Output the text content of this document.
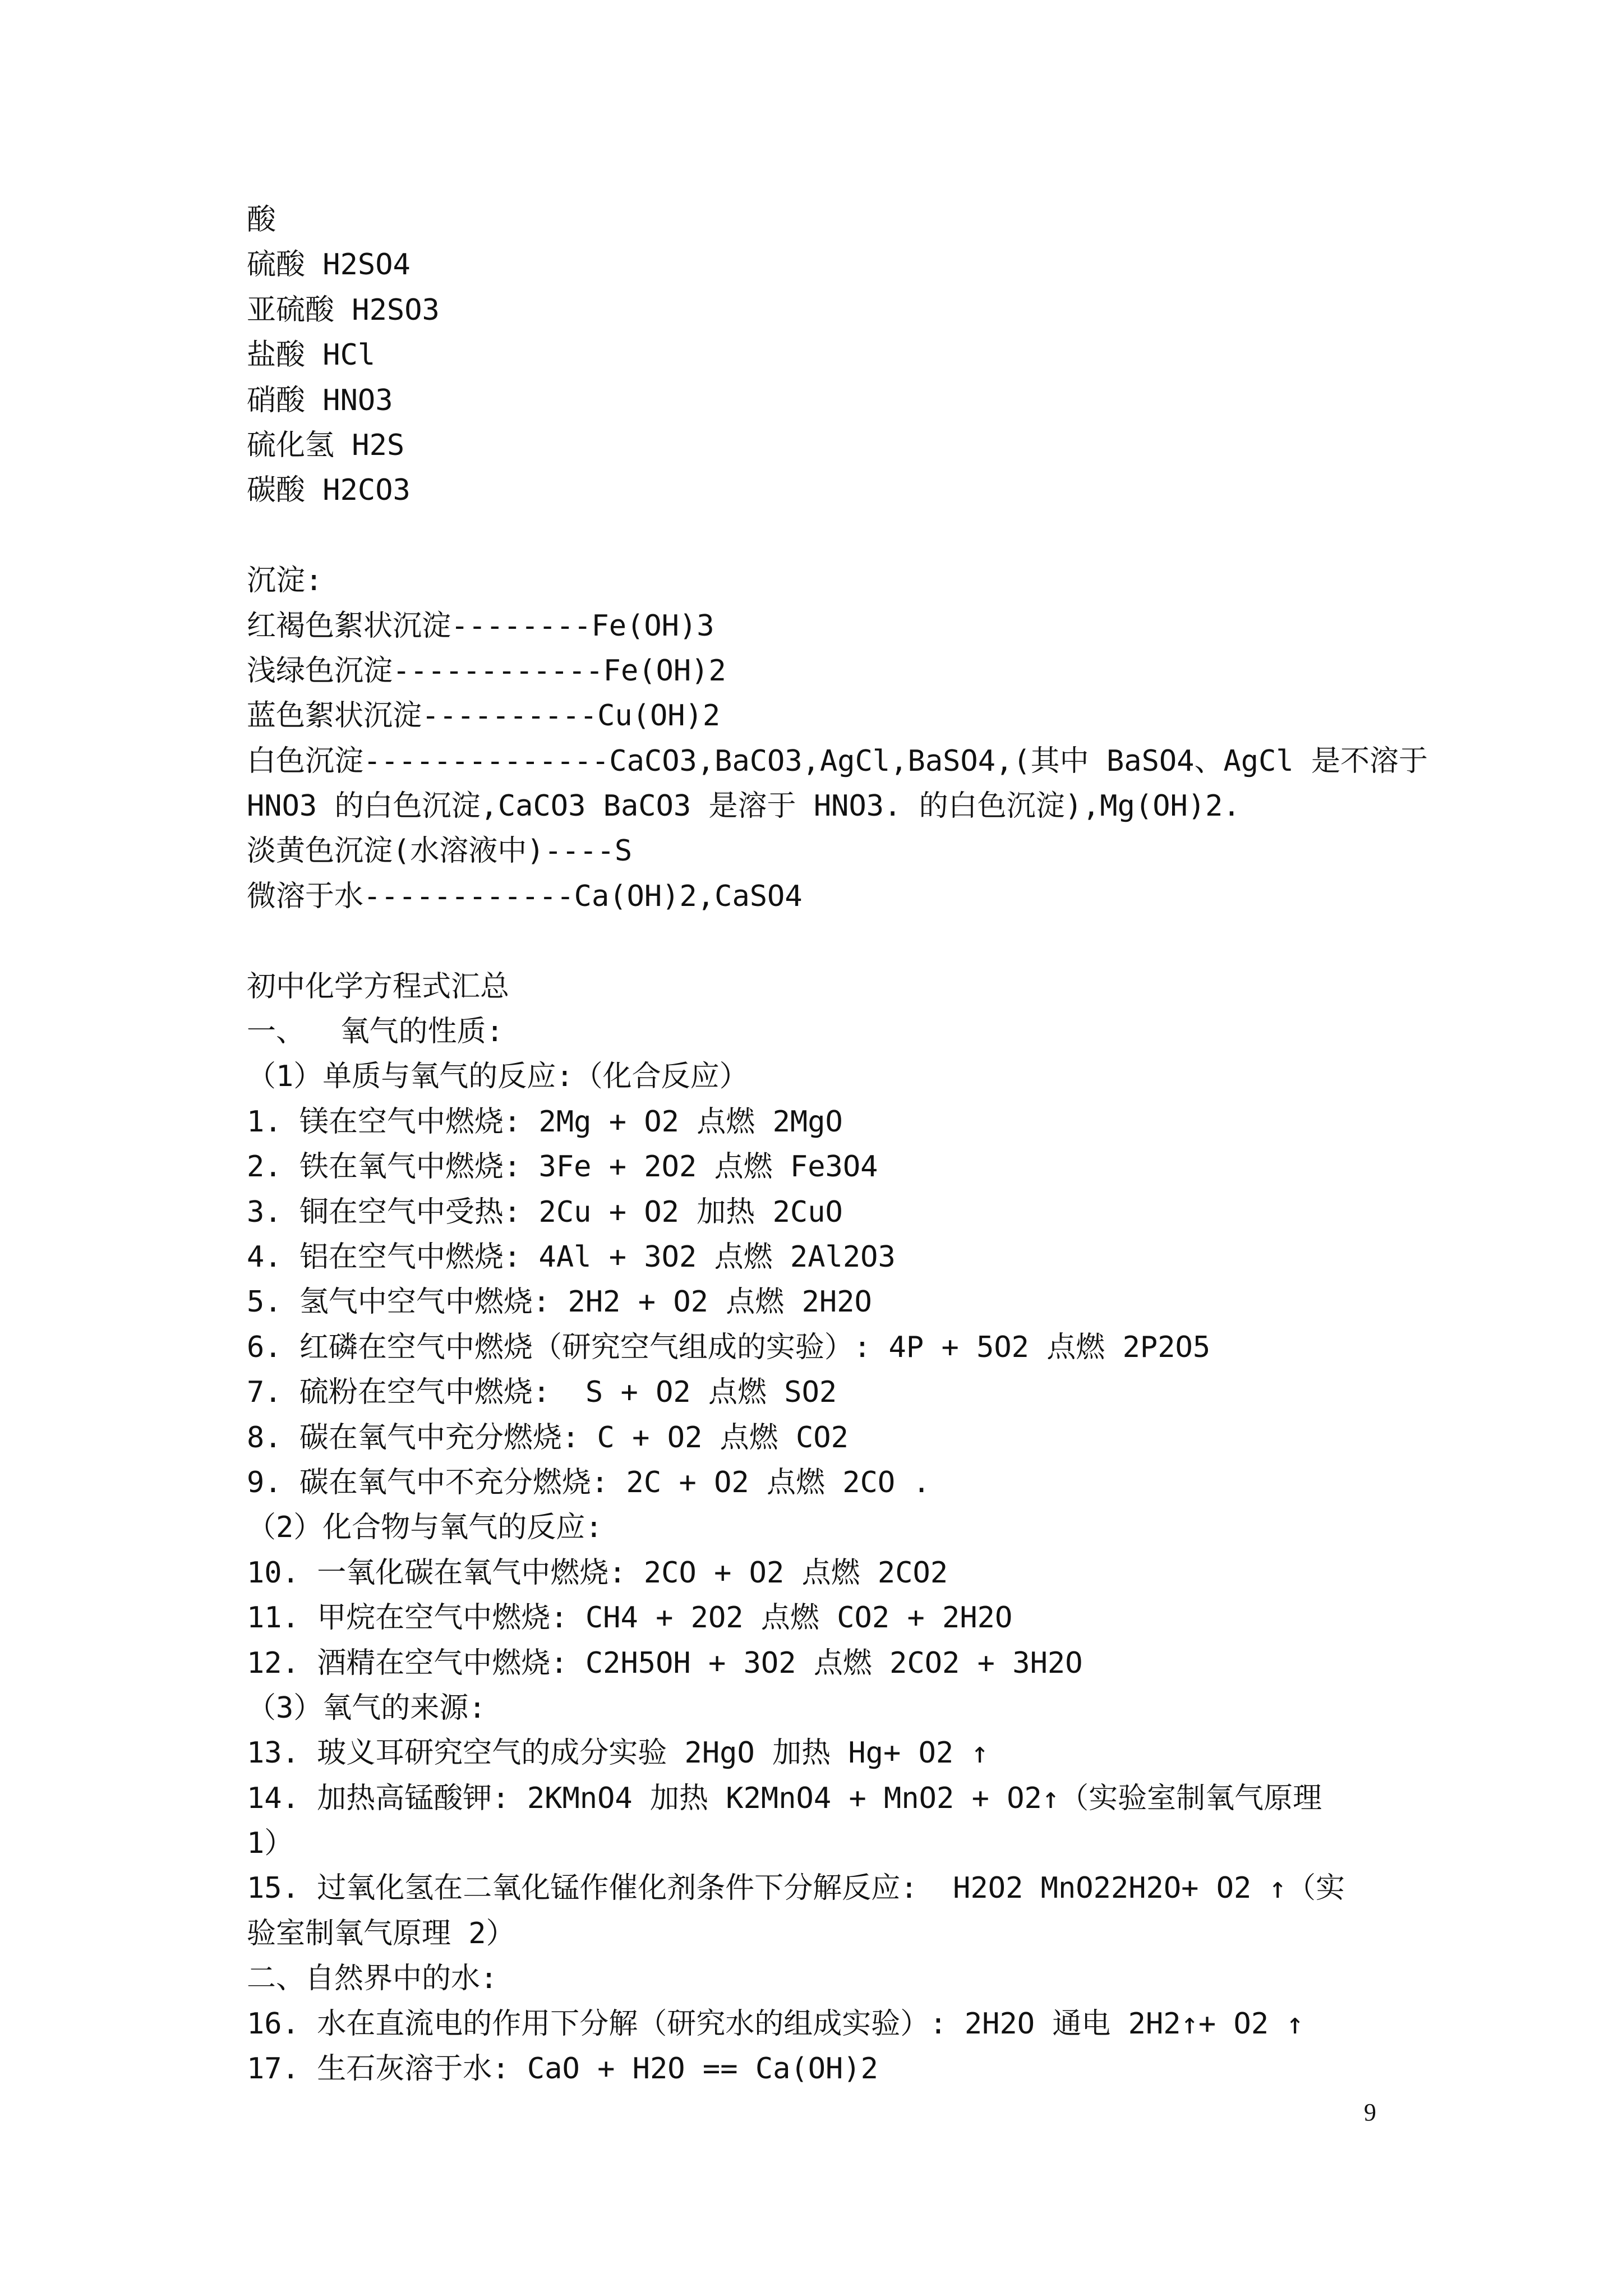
酸
硫酸 H2SO4
亚硫酸 H2SO3
盐酸 HCl
硝酸 HNO3
硫化氢 H2S
碳酸 H2CO3
沉淀:
红褐色絮状沉淀--------Fe(OH)3
浅绿色沉淀------------Fe(OH)2
蓝色絮状沉淀----------Cu(OH)2
白色沉淀--------------CaCO3,BaCO3,AgCl,BaSO4,(其中 BaSO4、AgCl 是不溶于
HNO3 的白色沉淀,CaCO3 BaCO3 是溶于 HNO3. 的白色沉淀),Mg(OH)2.
淡黄色沉淀(水溶液中)----S
微溶于水------------Ca(OH)2,CaSO4
初中化学方程式汇总
一、  氧气的性质:
（1）单质与氧气的反应:（化合反应）
1. 镁在空气中燃烧: 2Mg + O2 点燃 2MgO
2. 铁在氧气中燃烧: 3Fe + 2O2 点燃 Fe3O4
3. 铜在空气中受热: 2Cu + O2 加热 2CuO
4. 铝在空气中燃烧: 4Al + 3O2 点燃 2Al2O3
5. 氢气中空气中燃烧: 2H2 + O2 点燃 2H2O
6. 红磷在空气中燃烧（研究空气组成的实验）: 4P + 5O2 点燃 2P2O5
7. 硫粉在空气中燃烧:  S + O2 点燃 SO2
8. 碳在氧气中充分燃烧: C + O2 点燃 CO2
9. 碳在氧气中不充分燃烧: 2C + O2 点燃 2CO .
（2）化合物与氧气的反应:
10. 一氧化碳在氧气中燃烧: 2CO + O2 点燃 2CO2
11. 甲烷在空气中燃烧: CH4 + 2O2 点燃 CO2 + 2H2O
12. 酒精在空气中燃烧: C2H5OH + 3O2 点燃 2CO2 + 3H2O
（3）氧气的来源:
13. 玻义耳研究空气的成分实验 2HgO 加热 Hg+ O2 ↑
14. 加热高锰酸钾: 2KMnO4 加热 K2MnO4 + MnO2 + O2↑（实验室制氧气原理
1）
15. 过氧化氢在二氧化锰作催化剂条件下分解反应:  H2O2 MnO22H2O+ O2 ↑（实
验室制氧气原理 2）
二、自然界中的水:
16. 水在直流电的作用下分解（研究水的组成实验）: 2H2O 通电 2H2↑+ O2 ↑
17. 生石灰溶于水: CaO + H2O == Ca(OH)2
9
